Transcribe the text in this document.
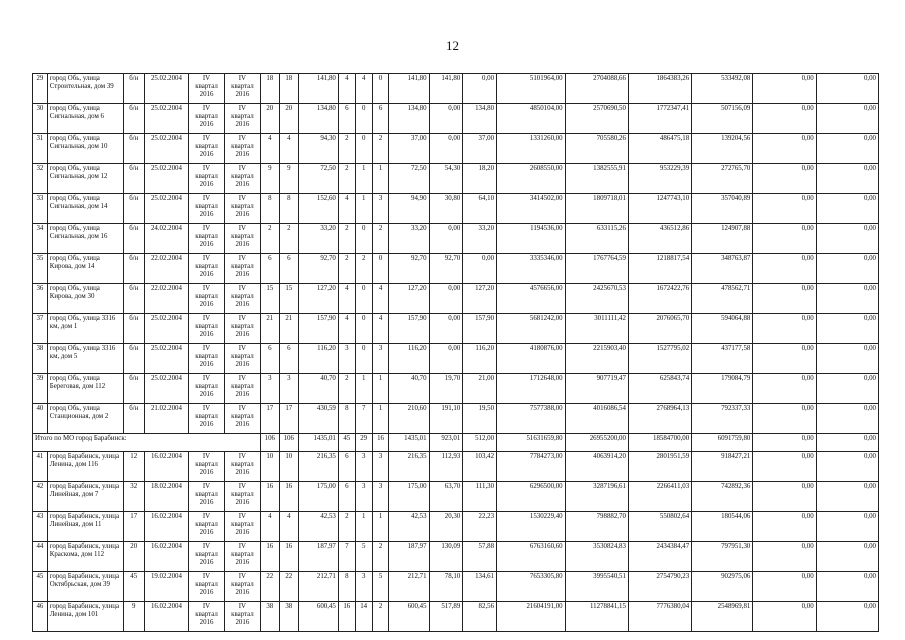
12
29	город Обь, улица Строительная, дом 39	б/н	25.02.2004	IV квартал 2016	IV квартал 2016	18	18	141,80	4	4	0	141,80	141,80	0,00	5101964,00	2704088,66	1864383,26	533492,08	0,00	0,00
30	город Обь, улица Сигнальная, дом 6	б/н	25.02.2004	IV квартал 2016	IV квартал 2016	20	20	134,80	6	0	6	134,80	0,00	134,80	4850104,00	2570690,50	1772347,41	507156,09	0,00	0,00
31	город Обь, улица Сигнальная, дом 10	б/н	25.02.2004	IV квартал 2016	IV квартал 2016	4	4	94,30	2	0	2	37,00	0,00	37,00	1331260,00	705580,26	486475,18	139204,56	0,00	0,00
32	город Обь, улица Сигнальная, дом 12	б/н	25.02.2004	IV квартал 2016	IV квартал 2016	9	9	72,50	2	1	1	72,50	54,30	18,20	2608550,00	1382555,91	953229,39	272765,70	0,00	0,00
33	город Обь, улица Сигнальная, дом 14	б/н	25.02.2004	IV квартал 2016	IV квартал 2016	8	8	152,60	4	1	3	94,90	30,80	64,10	3414502,00	1809718,01	1247743,10	357040,89	0,00	0,00
34	город Обь, улица Сигнальная, дом 16	б/н	24.02.2004	IV квартал 2016	IV квартал 2016	2	2	33,20	2	0	2	33,20	0,00	33,20	1194536,00	633115,26	436512,86	124907,88	0,00	0,00
35	город Обь, улица Кирова, дом 14	б/н	22.02.2004	IV квартал 2016	IV квартал 2016	6	6	92,70	2	2	0	92,70	92,70	0,00	3335346,00	1767764,59	1218817,54	348763,87	0,00	0,00
36	город Обь, улица Кирова, дом 30	б/н	22.02.2004	IV квартал 2016	IV квартал 2016	15	15	127,20	4	0	4	127,20	0,00	127,20	4576656,00	2425670,53	1672422,76	478562,71	0,00	0,00
37	город Обь, улица 3316 км, дом 1	б/н	25.02.2004	IV квартал 2016	IV квартал 2016	21	21	157,90	4	0	4	157,90	0,00	157,90	5681242,00	3011111,42	2076065,70	594064,88	0,00	0,00
38	город Обь, улица 3316 км, дом 5	б/н	25.02.2004	IV квартал 2016	IV квартал 2016	6	6	116,20	3	0	3	116,20	0,00	116,20	4180876,00	2215903,40	1527795,02	437177,58	0,00	0,00
39	город Обь, улица Береговая, дом 112	б/н	25.02.2004	IV квартал 2016	IV квартал 2016	3	3	40,70	2	1	1	40,70	19,70	21,00	1712648,00	907719,47	625843,74	179084,79	0,00	0,00
40	город Обь, улица Станционная, дом 2	б/н	21.02.2004	IV квартал 2016	IV квартал 2016	17	17	430,59	8	7	1	210,60	191,10	19,50	7577388,00	4016086,54	2768964,13	792337,33	0,00	0,00
Итого по МО город Барабинск:						106	106	1435,01	45	29	16	1435,01	923,01	512,00	51631659,80	26955200,00	18584700,00	6091759,80	0,00	0,00
41	город Барабинск, улица Ленина, дом 116	12	16.02.2004	IV квартал 2016	IV квартал 2016	10	10	216,35	6	3	3	216,35	112,93	103,42	7784273,00	4063914,20	2801951,59	918427,21	0,00	0,00
42	город Барабинск, улица Линейная, дом 7	32	18.02.2004	IV квартал 2016	IV квартал 2016	16	16	175,00	6	3	3	175,00	63,70	111,30	6296500,00	3287196,61	2266411,03	742892,36	0,00	0,00
43	город Барабинск, улица Линейная, дом 11	17	16.02.2004	IV квартал 2016	IV квартал 2016	4	4	42,53	2	1	1	42,53	20,30	22,23	1530229,40	798882,70	550802,64	180544,06	0,00	0,00
44	город Барабинск, улица Краскома, дом 112	20	16.02.2004	IV квартал 2016	IV квартал 2016	16	16	187,97	7	5	2	187,97	130,09	57,88	6763160,60	3530824,83	2434384,47	797951,30	0,00	0,00
45	город Барабинск, улица Октябрьская, дом 39	45	19.02.2004	IV квартал 2016	IV квартал 2016	22	22	212,71	8	3	5	212,71	78,10	134,61	7653305,80	3995540,51	2754790,23	902975,06	0,00	0,00
46	город Барабинск, улица Ленина, дом 101	9	16.02.2004	IV квартал 2016	IV квартал 2016	38	38	600,45	16	14	2	600,45	517,89	82,56	21604191,00	11278841,15	7776380,04	2548969,81	0,00	0,00
